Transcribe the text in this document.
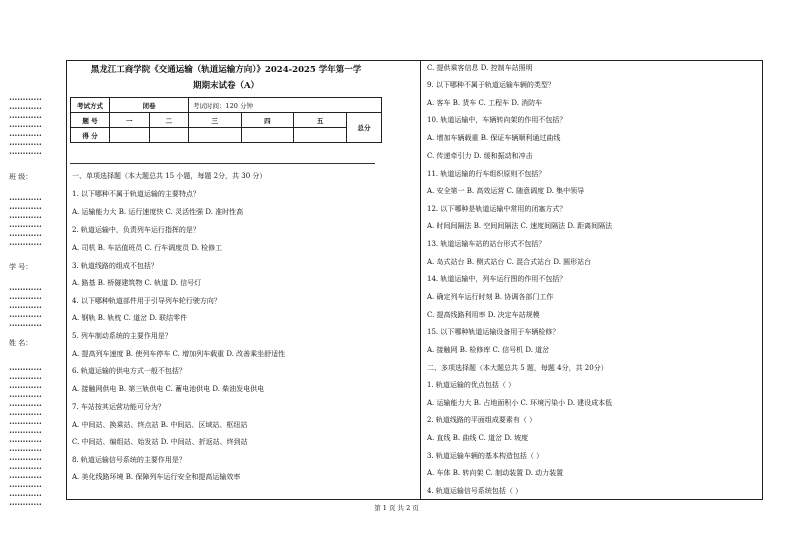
••••••••••••
••••••••••••
••••••••••••
••••••••••••
••••••••••••
••••••••••••
••••••••••••
班 级：
••••••••••••
••••••••••••
••••••••••••
••••••••••••
••••••••••••
••••••••••••
学 号：
••••••••••••
••••••••••••
••••••••••••
••••••••••••
••••••••••••
姓 名：
••••••••••••
••••••••••••
••••••••••••
••••••••••••
••••••••••••
••••••••••••
••••••••••••
••••••••••••
••••••••••••
••••••••••••
••••••••••••
••••••••••••
••••••••••••
••••••••••••
••••••••••••
••••••••••••
黑龙江工商学院《交通运输（轨道运输方向）》2024-2025 学年第一学
期期末试卷（A）
考试方式	闭卷		考试时间：120 分钟			
题 号	一	二	三	四	五	总分
得 分						
一、单项选择题（本大题总共 15 小题，每题 2分，共 30 分）
1. 以下哪种不属于轨道运输的主要特点？
A. 运输能力大 B. 运行速度快 C. 灵活性强 D. 准时性高
2. 轨道运输中，负责列车运行指挥的是？
A. 司机 B. 车站值班员 C. 行车调度员 D. 检修工
3. 轨道线路的组成不包括？
A. 路基 B. 桥隧建筑物 C. 轨道 D. 信号灯
4. 以下哪种轨道部件用于引导列车轮行驶方向？
A. 钢轨 B. 轨枕 C. 道岔 D. 联结零件
5. 列车制动系统的主要作用是？
A. 提高列车速度 B. 使列车停车 C. 增加列车载重 D. 改善乘坐舒适性
6. 轨道运输的供电方式一般不包括？
A. 接触网供电 B. 第三轨供电 C. 蓄电池供电 D. 柴油发电供电
7. 车站按其运营功能可分为？
A. 中间站、换乘站、终点站 B. 中间站、区域站、枢纽站
C. 中间站、编组站、始发站 D. 中间站、折返站、终到站
8. 轨道运输信号系统的主要作用是？
A. 美化线路环境 B. 保障列车运行安全和提高运输效率
C. 提供乘客信息 D. 控制车站照明
9. 以下哪种不属于轨道运输车辆的类型？
A. 客车 B. 货车 C. 工程车 D. 消防车
10. 轨道运输中，车辆转向架的作用不包括？
A. 增加车辆载重 B. 保证车辆顺利通过曲线
C. 传递牵引力 D. 缓和振动和冲击
11. 轨道运输的行车组织原则不包括？
A. 安全第一 B. 高效运营 C. 随意调度 D. 集中领导
12. 以下哪种是轨道运输中常用的闭塞方式？
A. 时间间隔法 B. 空间间隔法 C. 速度间隔法 D. 距离间隔法
13. 轨道运输车站的站台形式不包括？
A. 岛式站台 B. 侧式站台 C. 混合式站台 D. 圆形站台
14. 轨道运输中，列车运行图的作用不包括？
A. 确定列车运行时刻 B. 协调各部门工作
C. 提高线路利用率 D. 决定车站规模
15. 以下哪种轨道运输设备用于车辆检修？
A. 接触网 B. 检修库 C. 信号机 D. 道岔
二、多项选择题（本大题总共 5 题，每题 4分，共 20分）
1. 轨道运输的优点包括（ ）
A. 运输能力大 B. 占地面积小 C. 环境污染小 D. 建设成本低
2. 轨道线路的平面组成要素有（ ）
A. 直线 B. 曲线 C. 道岔 D. 坡度
3. 轨道运输车辆的基本构造包括（ ）
A. 车体 B. 转向架 C. 制动装置 D. 动力装置
4. 轨道运输信号系统包括（ ）
第 1 页 共 2 页
